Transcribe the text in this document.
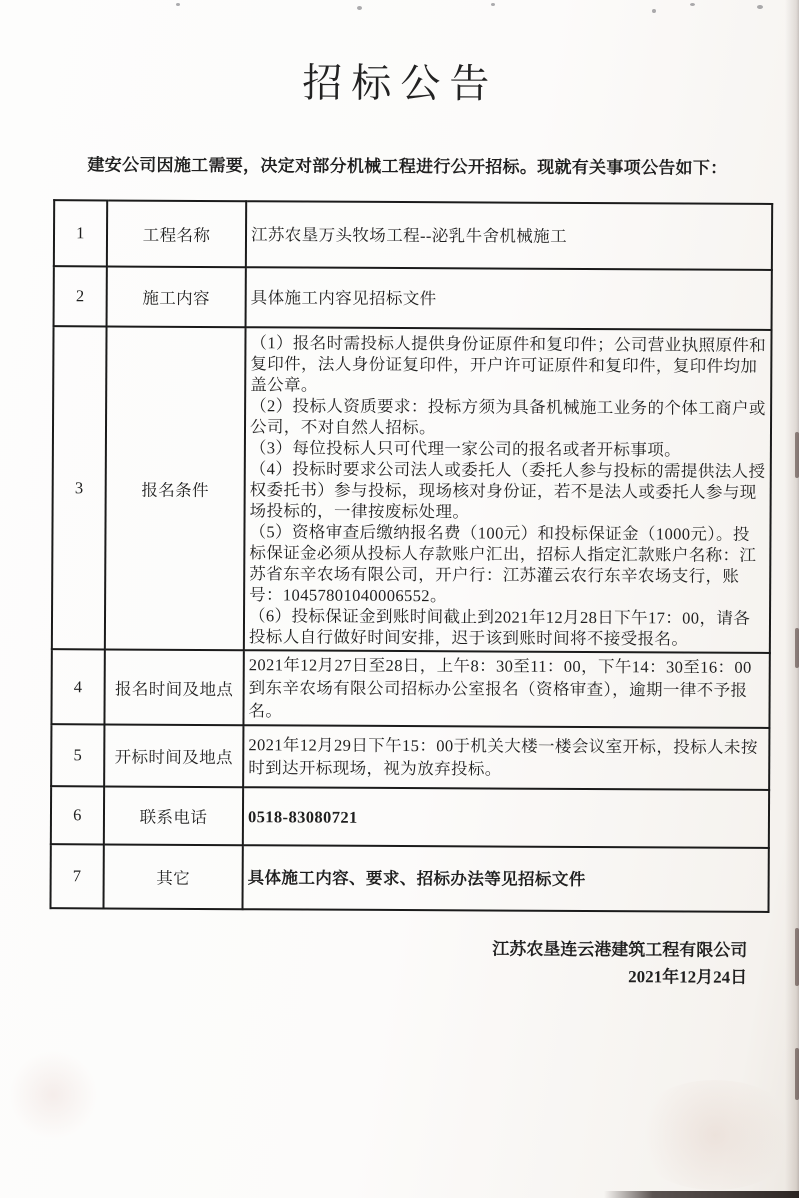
招标公告

建安公司因施工需要，决定对部分机械工程进行公开招标。现就有关事项公告如下：

1	工程名称	江苏农垦万头牧场工程--泌乳牛舍机械施工

2	施工内容	具体施工内容见招标文件

3	报名条件	

（1）报名时需投标人提供身份证原件和复印件；公司营业执照原件和复印件，法人身份证复印件，开户许可证原件和复印件，复印件均加盖公章。

（2）投标人资质要求：投标方须为具备机械施工业务的个体工商户或公司，不对自然人招标。

（3）每位投标人只可代理一家公司的报名或者开标事项。

（4）投标时要求公司法人或委托人（委托人参与投标的需提供法人授权委托书）参与投标，现场核对身份证，若不是法人或委托人参与现场投标的，一律按废标处理。

（5）资格审查后缴纳报名费（100元）和投标保证金（1000元）。投标保证金必须从投标人存款账户汇出，招标人指定汇款账户名称：江苏省东辛农场有限公司，开户行：江苏灌云农行东辛农场支行，账号：10457801040006552。

（6）投标保证金到账时间截止到2021年12月28日下午17：00，请各投标人自行做好时间安排，迟于该到账时间将不接受报名。

4	报名时间及地点	2021年12月27日至28日，上午8：30至11：00，下午14：30至16：00到东辛农场有限公司招标办公室报名（资格审查），逾期一律不予报名。

5	开标时间及地点	2021年12月29日下午15：00于机关大楼一楼会议室开标，投标人未按时到达开标现场，视为放弃投标。

6	联系电话	0518-83080721

7	其它	具体施工内容、要求、招标办法等见招标文件

江苏农垦连云港建筑工程有限公司
2021年12月24日
